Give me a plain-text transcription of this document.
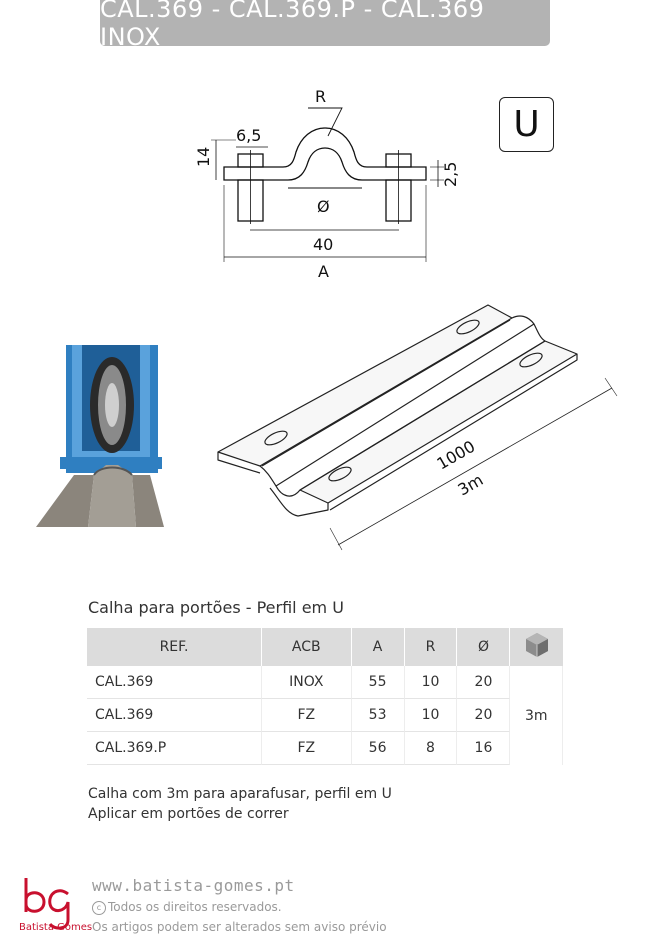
CAL.369 - CAL.369.P - CAL.369 INOX
U
R
14
6,5
2,5
Ø
40
A
1000
3m
Calha para portões - Perfil em U
REF.	ACB	A	R	Ø	
CAL.369	INOX	55	10	20	3m
CAL.369	FZ	53	10	20	
CAL.369.P	FZ	56	8	16	
Calha com 3m para aparafusar, perfil em U
Aplicar em portões de correr
Batista Gomes
www.batista-gomes.pt
c Todos os direitos reservados.
Os artigos podem ser alterados sem aviso prévio
